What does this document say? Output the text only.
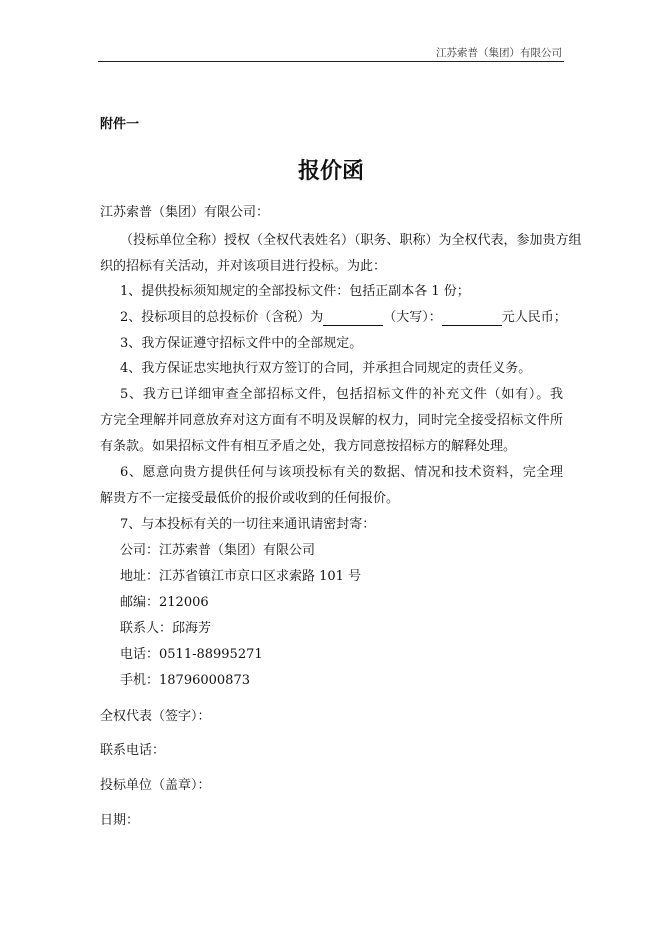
江苏索普（集团）有限公司
附件一
报价函
江苏索普（集团）有限公司：
（投标单位全称）授权（全权代表姓名）（职务、职称）为全权代表，参加贵方组
织的招标有关活动，并对该项目进行投标。为此：
1、提供投标须知规定的全部投标文件：包括正副本各 1 份；
2、投标项目的总投标价（含税）为	（大写）：	元人民币；
3、我方保证遵守招标文件中的全部规定。
4、我方保证忠实地执行双方签订的合同，并承担合同规定的责任义务。
5、我方已详细审查全部招标文件，包括招标文件的补充文件（如有）。我
方完全理解并同意放弃对这方面有不明及误解的权力，同时完全接受招标文件所
有条款。如果招标文件有相互矛盾之处，我方同意按招标方的解释处理。
6、愿意向贵方提供任何与该项投标有关的数据、情况和技术资料，完全理
解贵方不一定接受最低价的报价或收到的任何报价。
7、与本投标有关的一切往来通讯请密封寄：
公司：江苏索普（集团）有限公司
地址：江苏省镇江市京口区求索路 101 号
邮编：212006
联系人：邱海芳
电话：0511-88995271
手机：18796000873
全权代表（签字）：
联系电话：
投标单位（盖章）：
日期：
